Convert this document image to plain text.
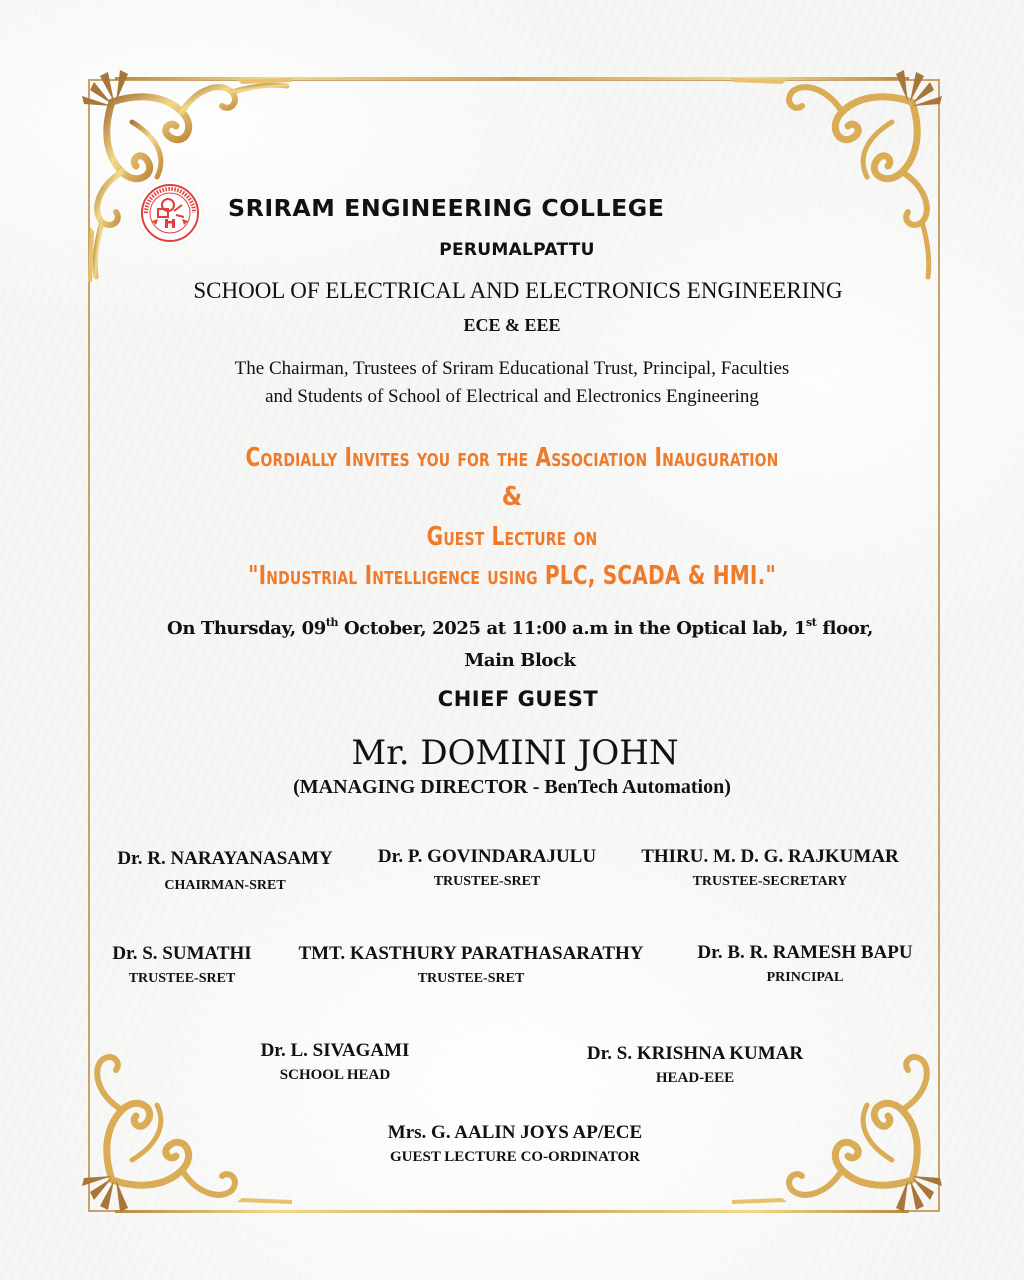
SRIRAM ENGINEERING COLLEGE
PERUMALPATTU
SCHOOL OF ELECTRICAL AND ELECTRONICS ENGINEERING
ECE & EEE
The Chairman, Trustees of Sriram Educational Trust, Principal, Faculties
and Students of School of Electrical and Electronics Engineering
Cordially Invites you for the Association Inauguration
&
Guest Lecture on
"Industrial Intelligence using PLC, SCADA & HMI."
On Thursday, 09th October, 2025 at 11:00 a.m in the Optical lab, 1st floor,
Main Block
CHIEF GUEST
Mr. DOMINI JOHN
(MANAGING DIRECTOR - BenTech Automation)
Dr. R. NARAYANASAMY
CHAIRMAN-SRET
Dr. P. GOVINDARAJULU
TRUSTEE-SRET
THIRU. M. D. G. RAJKUMAR
TRUSTEE-SECRETARY
Dr. S. SUMATHI
TRUSTEE-SRET
TMT. KASTHURY PARATHASARATHY
TRUSTEE-SRET
Dr. B. R. RAMESH BAPU
PRINCIPAL
Dr. L. SIVAGAMI
SCHOOL HEAD
Dr. S. KRISHNA KUMAR
HEAD-EEE
Mrs. G. AALIN JOYS AP/ECE
GUEST LECTURE CO-ORDINATOR
